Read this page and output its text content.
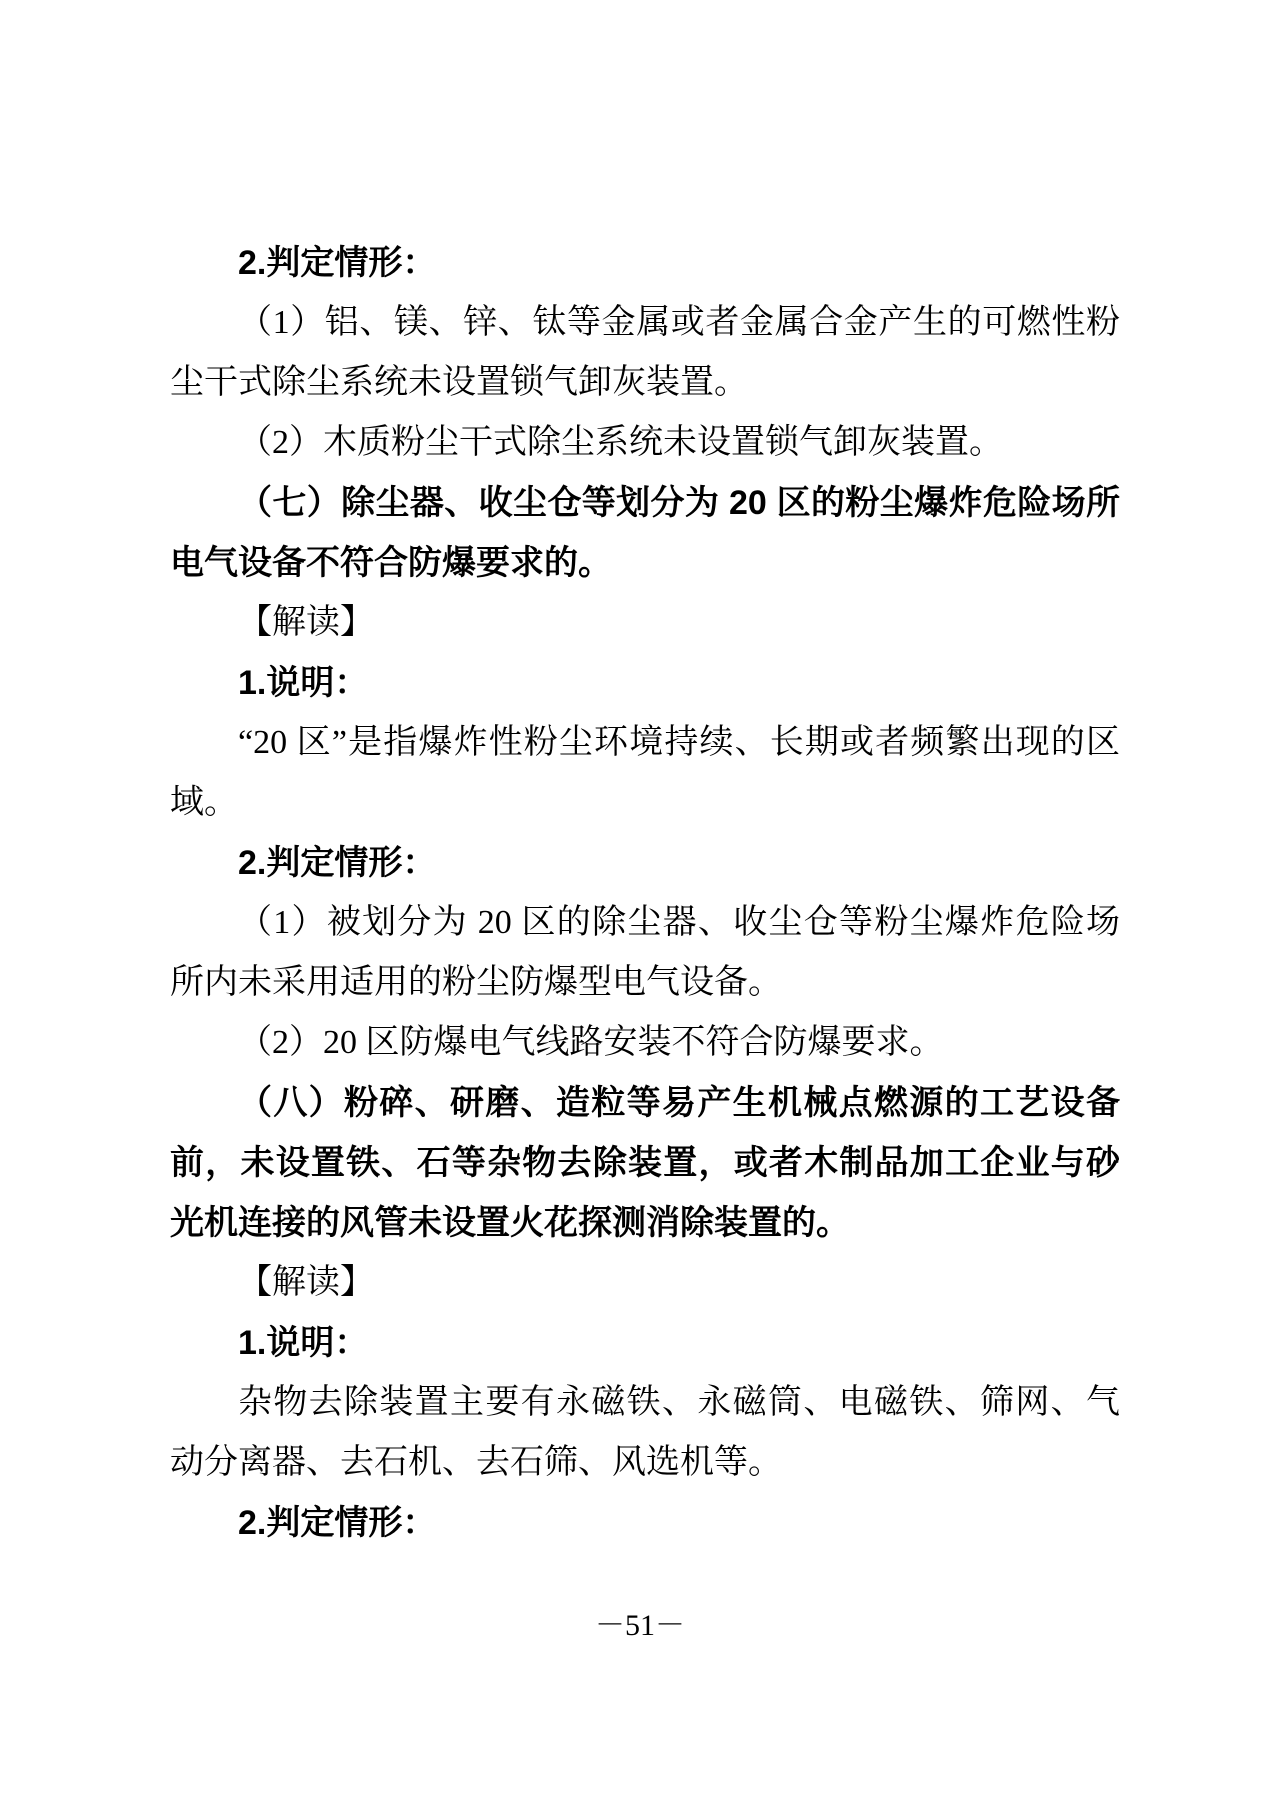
2.判定情形：

（1）铝、镁、锌、钛等金属或者金属合金产生的可燃性粉尘干式除尘系统未设置锁气卸灰装置。

（2）木质粉尘干式除尘系统未设置锁气卸灰装置。

（七）除尘器、收尘仓等划分为 20 区的粉尘爆炸危险场所电气设备不符合防爆要求的。

【解读】

1.说明：

“20 区”是指爆炸性粉尘环境持续、长期或者频繁出现的区域。

2.判定情形：

（1）被划分为 20 区的除尘器、收尘仓等粉尘爆炸危险场所内未采用适用的粉尘防爆型电气设备。

（2）20 区防爆电气线路安装不符合防爆要求。

（八）粉碎、研磨、造粒等易产生机械点燃源的工艺设备前，未设置铁、石等杂物去除装置，或者木制品加工企业与砂光机连接的风管未设置火花探测消除装置的。

【解读】

1.说明：

杂物去除装置主要有永磁铁、永磁筒、电磁铁、筛网、气动分离器、去石机、去石筛、风选机等。

2.判定情形：

－51－
